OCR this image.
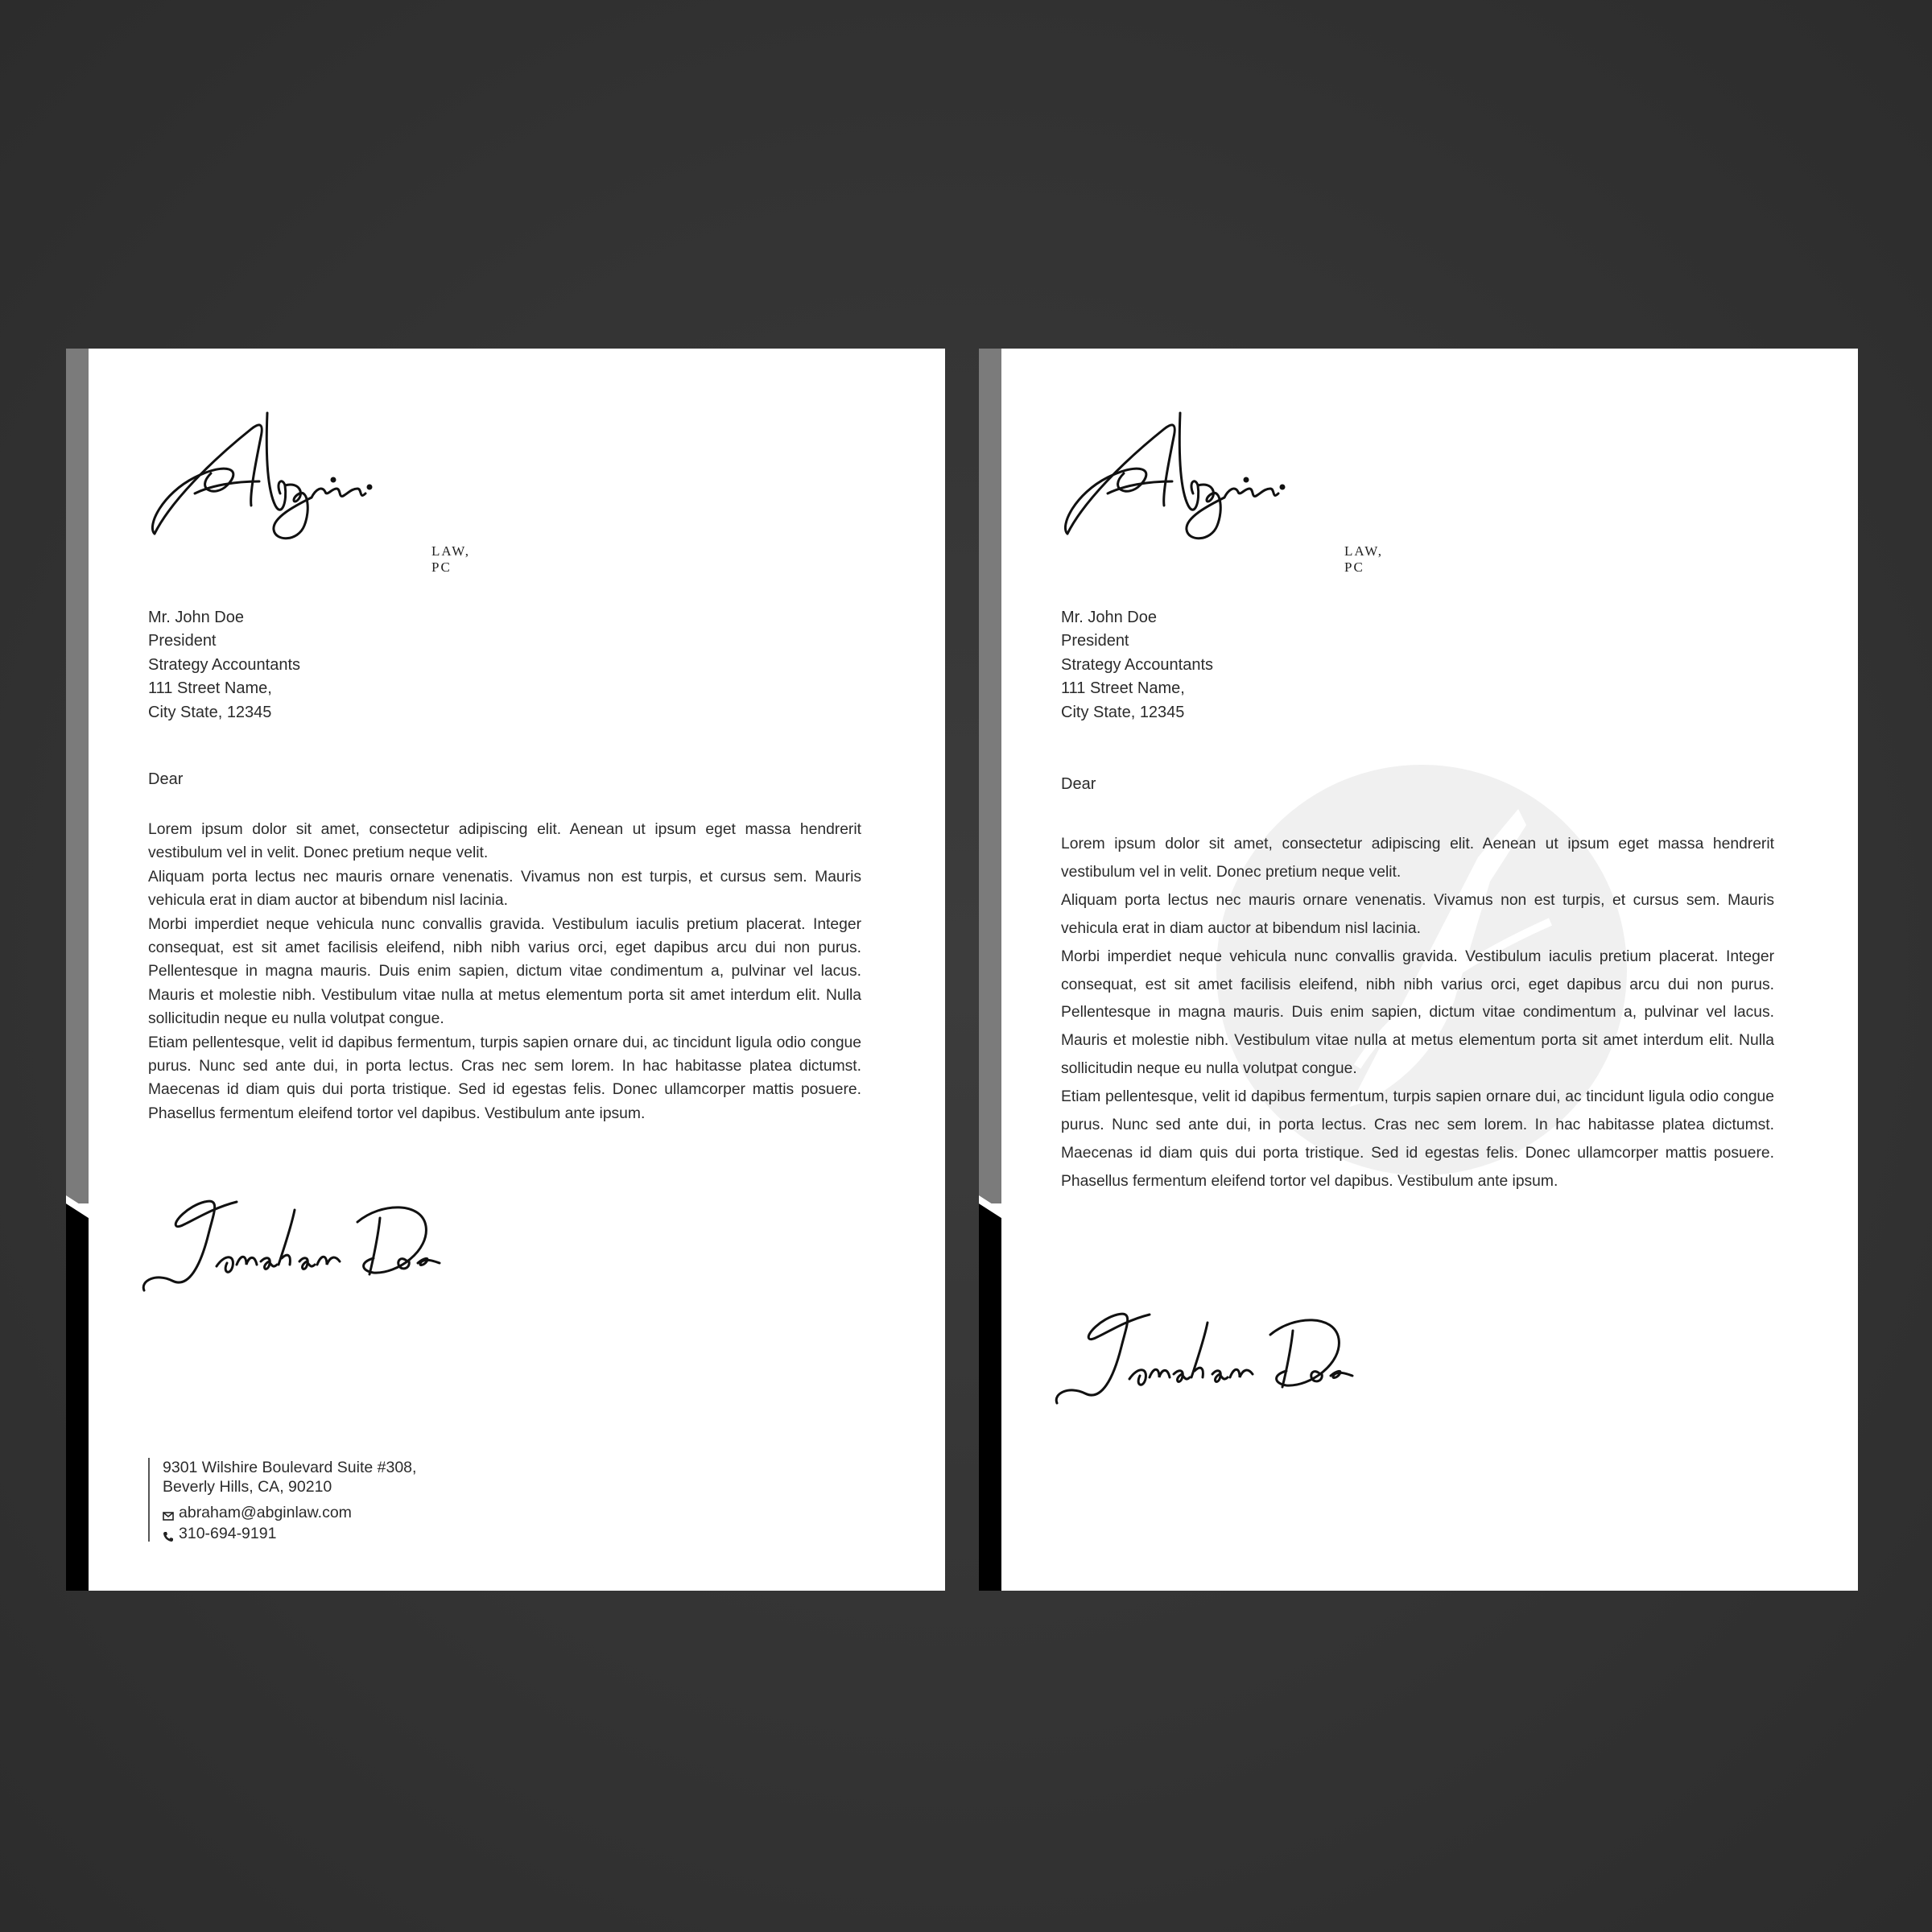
LAW, PC
Mr. John Doe
President
Strategy Accountants
111 Street Name,
City State, 12345
Dear

Lorem ipsum dolor sit amet, consectetur adipiscing elit. Aenean ut ipsum eget massa hendrerit vestibulum vel in velit. Donec pretium neque velit.

Aliquam porta lectus nec mauris ornare venenatis. Vivamus non est turpis, et cursus sem. Mauris vehicula erat in diam auctor at bibendum nisl lacinia.

Morbi imperdiet neque vehicula nunc convallis gravida. Vestibulum iaculis pretium placerat. Integer consequat, est sit amet facilisis eleifend, nibh nibh varius orci, eget dapibus arcu dui non purus. Pellentesque in magna mauris. Duis enim sapien, dictum vitae condimentum a, pulvinar vel lacus. Mauris et molestie nibh. Vestibulum vitae nulla at metus elementum porta sit amet interdum elit. Nulla sollicitudin neque eu nulla volutpat congue.

Etiam pellentesque, velit id dapibus fermentum, turpis sapien ornare dui, ac tincidunt ligula odio congue purus. Nunc sed ante dui, in porta lectus. Cras nec sem lorem. In hac habitasse platea dictumst. Maecenas id diam quis dui porta tristique. Sed id egestas felis. Donec ullamcorper mattis posuere. Phasellus fermentum eleifend tortor vel dapibus. Vestibulum ante ipsum.

9301 Wilshire Boulevard Suite #308,
Beverly Hills, CA, 90210
abraham@abginlaw.com
310-694-9191
LAW, PC
Mr. John Doe
President
Strategy Accountants
111 Street Name,
City State, 12345
Dear

Lorem ipsum dolor sit amet, consectetur adipiscing elit. Aenean ut ipsum eget massa hendrerit vestibulum vel in velit. Donec pretium neque velit.

Aliquam porta lectus nec mauris ornare venenatis. Vivamus non est turpis, et cursus sem. Mauris vehicula erat in diam auctor at bibendum nisl lacinia.

Morbi imperdiet neque vehicula nunc convallis gravida. Vestibulum iaculis pretium placerat. Integer consequat, est sit amet facilisis eleifend, nibh nibh varius orci, eget dapibus arcu dui non purus. Pellentesque in magna mauris. Duis enim sapien, dictum vitae condimentum a, pulvinar vel lacus. Mauris et molestie nibh. Vestibulum vitae nulla at metus elementum porta sit amet interdum elit. Nulla sollicitudin neque eu nulla volutpat congue.

Etiam pellentesque, velit id dapibus fermentum, turpis sapien ornare dui, ac tincidunt ligula odio congue purus. Nunc sed ante dui, in porta lectus. Cras nec sem lorem. In hac habitasse platea dictumst. Maecenas id diam quis dui porta tristique. Sed id egestas felis. Donec ullamcorper mattis posuere. Phasellus fermentum eleifend tortor vel dapibus. Vestibulum ante ipsum.
